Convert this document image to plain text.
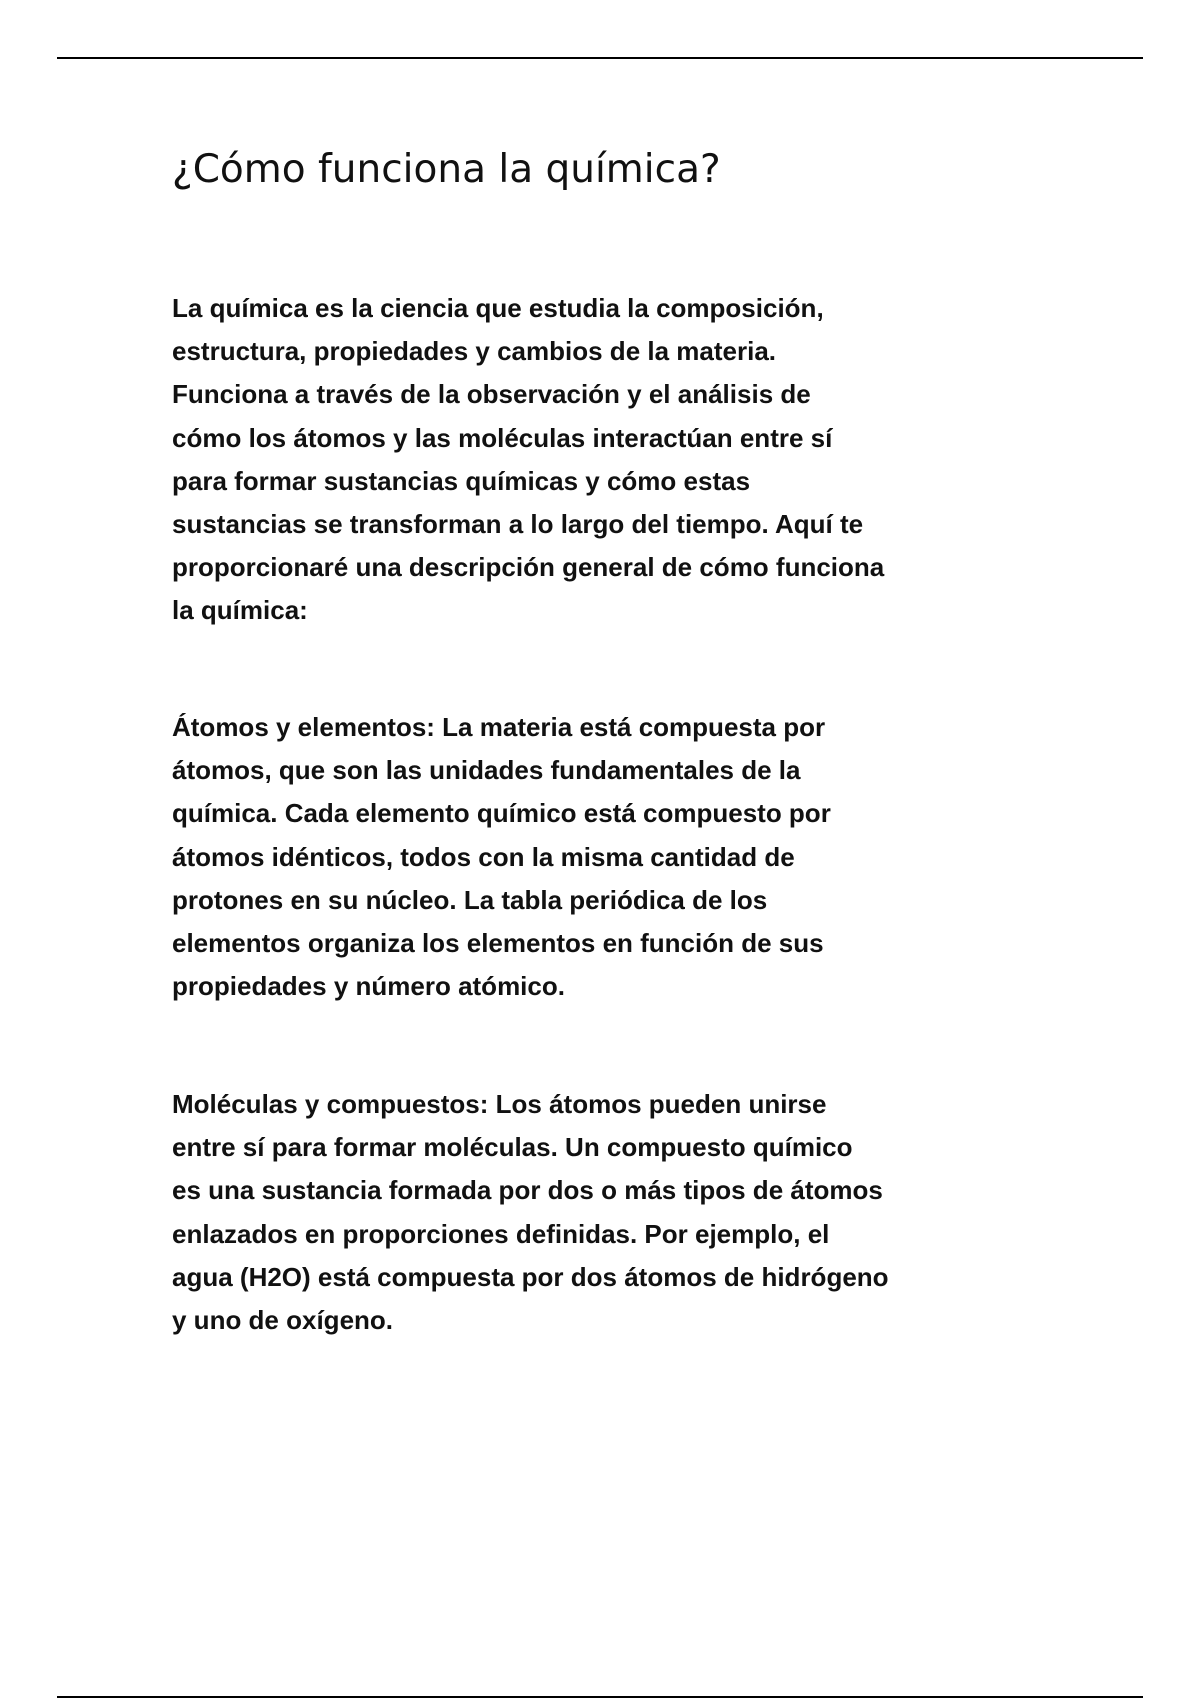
¿Cómo funciona la química?

La química es la ciencia que estudia la composición,
estructura, propiedades y cambios de la materia.
Funciona a través de la observación y el análisis de
cómo los átomos y las moléculas interactúan entre sí
para formar sustancias químicas y cómo estas
sustancias se transforman a lo largo del tiempo. Aquí te
proporcionaré una descripción general de cómo funciona
la química:

Átomos y elementos: La materia está compuesta por
átomos, que son las unidades fundamentales de la
química. Cada elemento químico está compuesto por
átomos idénticos, todos con la misma cantidad de
protones en su núcleo. La tabla periódica de los
elementos organiza los elementos en función de sus
propiedades y número atómico.

Moléculas y compuestos: Los átomos pueden unirse
entre sí para formar moléculas. Un compuesto químico
es una sustancia formada por dos o más tipos de átomos
enlazados en proporciones definidas. Por ejemplo, el
agua (H2O) está compuesta por dos átomos de hidrógeno
y uno de oxígeno.
